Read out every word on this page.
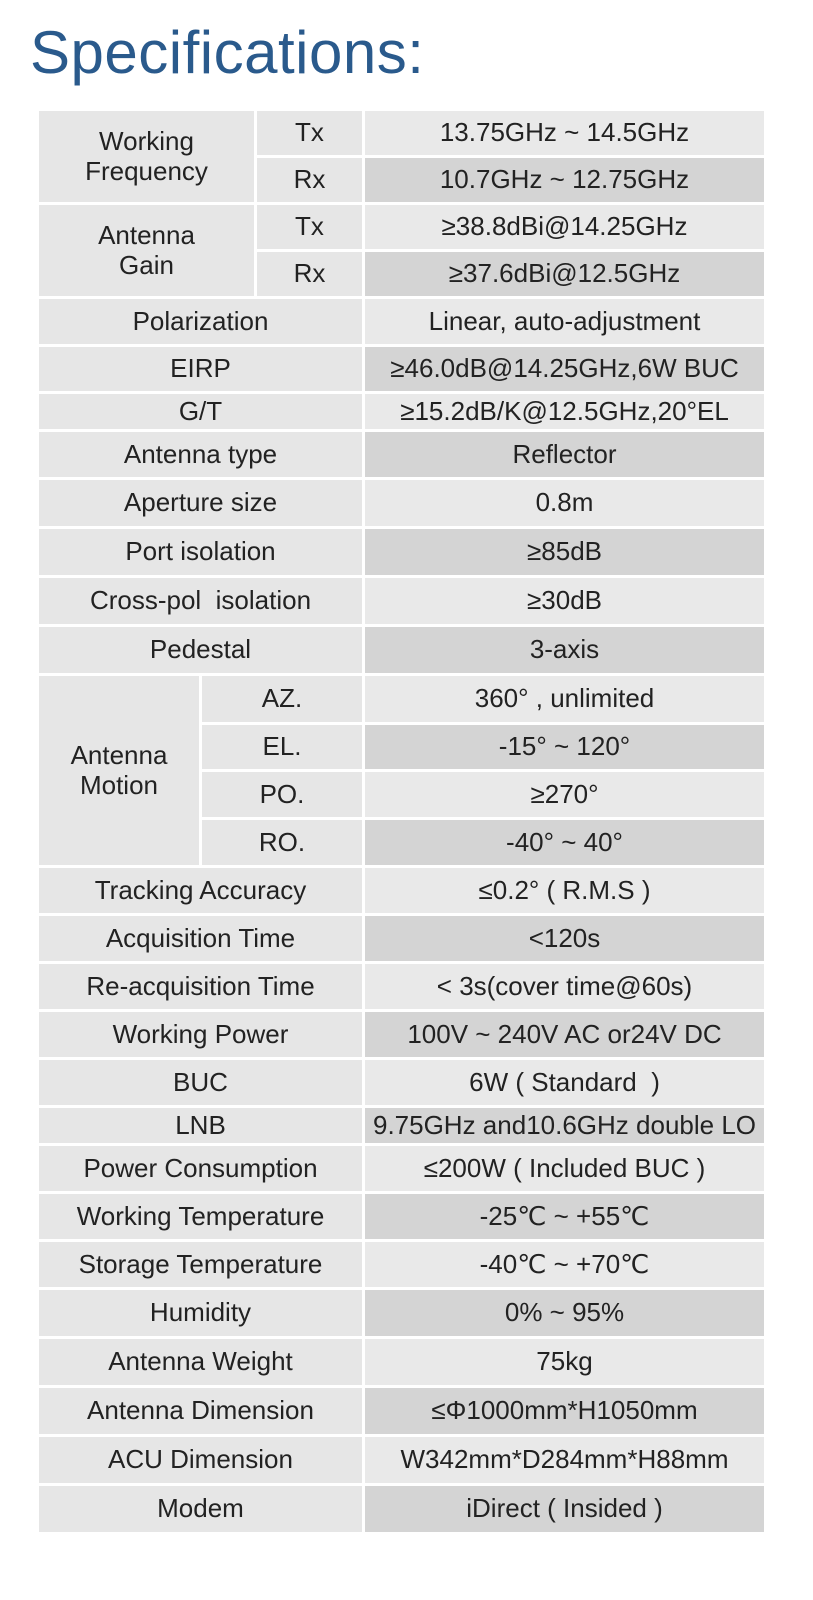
Specifications:
Working
Frequency		Tx	13.75GHz ~ 14.5GHz
		Rx	10.7GHz ~ 12.75GHz
Antenna
Gain		Tx	≥38.8dBi@14.25GHz
		Rx	≥37.6dBi@12.5GHz
Polarization			Linear, auto-adjustment
EIRP			≥46.0dB@14.25GHz,6W BUC
G/T			≥15.2dB/K@12.5GHz,20°EL
Antenna type			Reflector
Aperture size			0.8m
Port isolation			≥85dB
Cross-pol  isolation			≥30dB
Pedestal			3-axis
Antenna
Motion	AZ.		360° , unlimited
	EL.		-15° ~ 120°
	PO.		≥270°
	RO.		-40° ~ 40°
Tracking Accuracy			≤0.2° ( R.M.S )
Acquisition Time			<120s
Re-acquisition Time			< 3s(cover time@60s)
Working Power			100V ~ 240V AC or24V DC
BUC			6W ( Standard  )
LNB			9.75GHz and10.6GHz double LO
Power Consumption			≤200W ( Included BUC )
Working Temperature			-25℃ ~ +55℃
Storage Temperature			-40℃ ~ +70℃
Humidity			0% ~ 95%
Antenna Weight			75kg
Antenna Dimension			≤Φ1000mm*H1050mm
ACU Dimension			W342mm*D284mm*H88mm
Modem			iDirect ( Insided )
